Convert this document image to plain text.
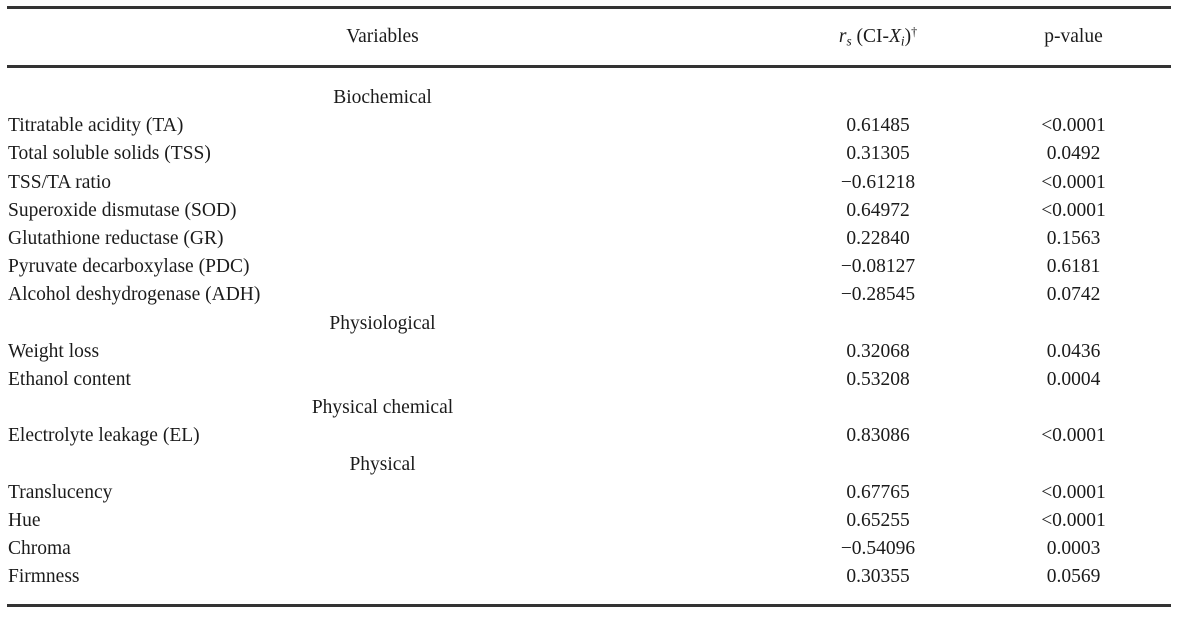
Variables	$r_s$ $(CI-X_i)^\dagger$	p-value
Biochemical
Titratable acidity (TA)	0.61485	<0.0001
Total soluble solids (TSS)	0.31305	0.0492
TSS/TA ratio	−0.61218	<0.0001
Superoxide dismutase (SOD)	0.64972	<0.0001
Glutathione reductase (GR)	0.22840	0.1563
Pyruvate decarboxylase (PDC)	−0.08127	0.6181
Alcohol deshydrogenase (ADH)	−0.28545	0.0742
Physiological
Weight loss	0.32068	0.0436
Ethanol content	0.53208	0.0004
Physical chemical
Electrolyte leakage (EL)	0.83086	<0.0001
Physical
Translucency	0.67765	<0.0001
Hue	0.65255	<0.0001
Chroma	−0.54096	0.0003
Firmness	0.30355	0.0569
